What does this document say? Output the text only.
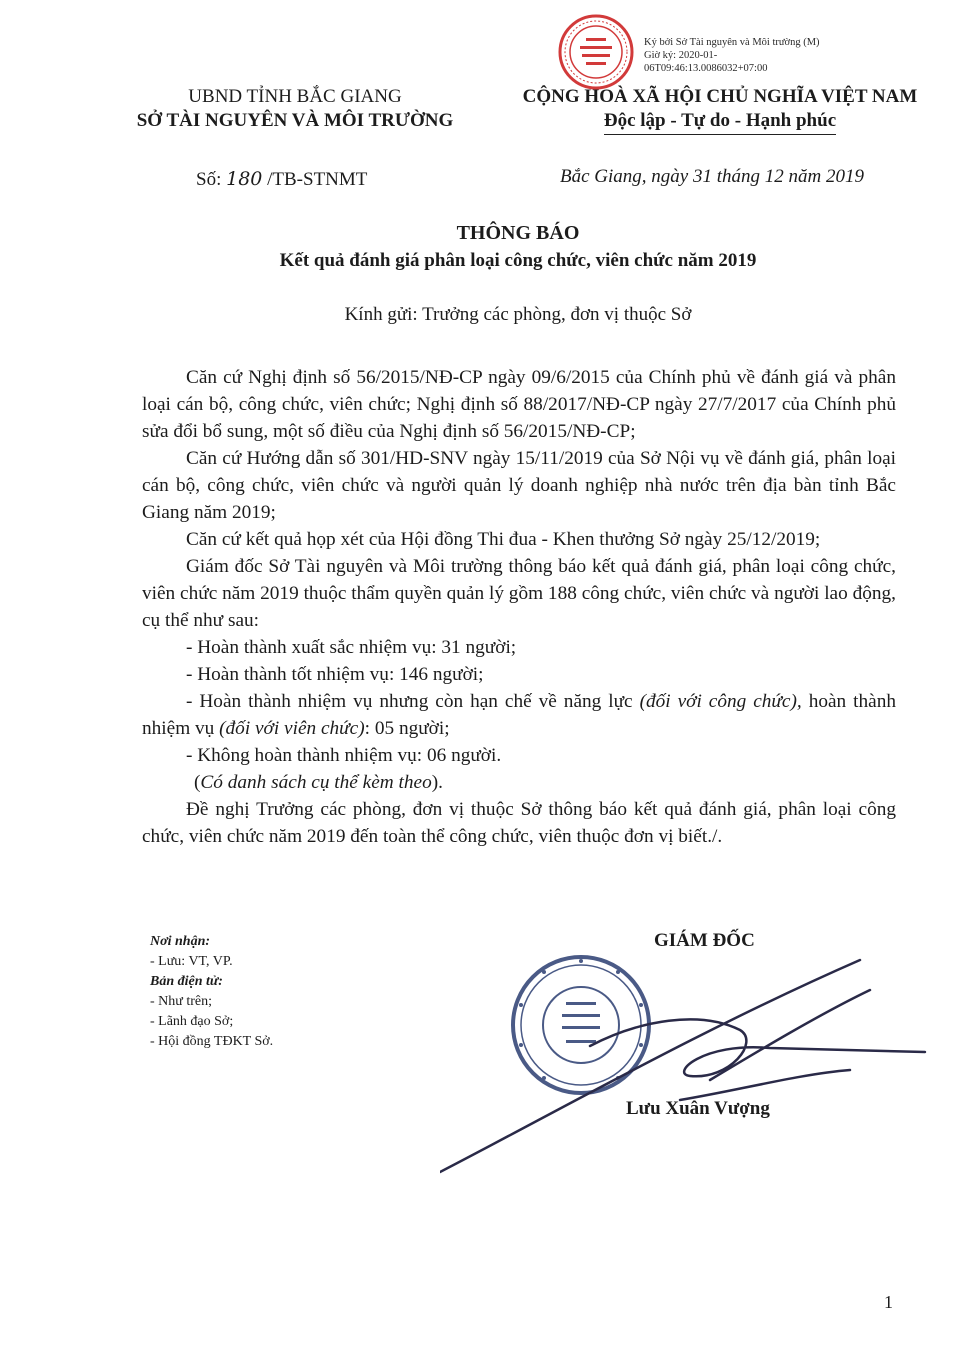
Ký bởi Sở Tài nguyên và Môi trường (M)
Giờ ký: 2020-01-
06T09:46:13.0086032+07:00
UBND TỈNH BẮC GIANG
SỞ TÀI NGUYÊN VÀ MÔI TRƯỜNG
CỘNG HOÀ XÃ HỘI CHỦ NGHĨA VIỆT NAM
Độc lập - Tự do - Hạnh phúc
Số: 180 /TB-STNMT	Bắc Giang, ngày 31 tháng 12 năm 2019
THÔNG BÁO
Kết quả đánh giá phân loại công chức, viên chức năm 2019
Kính gửi: Trưởng các phòng, đơn vị thuộc Sở

Căn cứ Nghị định số 56/2015/NĐ-CP ngày 09/6/2015 của Chính phủ về đánh giá và phân loại cán bộ, công chức, viên chức; Nghị định số 88/2017/NĐ-CP ngày 27/7/2017 của Chính phủ sửa đổi bổ sung, một số điều của Nghị định số 56/2015/NĐ-CP;

Căn cứ Hướng dẫn số 301/HD-SNV ngày 15/11/2019 của Sở Nội vụ về đánh giá, phân loại cán bộ, công chức, viên chức và người quản lý doanh nghiệp nhà nước trên địa bàn tỉnh Bắc Giang năm 2019;

Căn cứ kết quả họp xét của Hội đồng Thi đua - Khen thưởng Sở ngày 25/12/2019;

Giám đốc Sở Tài nguyên và Môi trường thông báo kết quả đánh giá, phân loại công chức, viên chức năm 2019 thuộc thẩm quyền quản lý gồm 188 công chức, viên chức và người lao động, cụ thể như sau:

- Hoàn thành xuất sắc nhiệm vụ: 31 người;

- Hoàn thành tốt nhiệm vụ: 146 người;

- Hoàn thành nhiệm vụ nhưng còn hạn chế về năng lực (đối với công chức), hoàn thành nhiệm vụ (đối với viên chức): 05 người;

- Không hoàn thành nhiệm vụ: 06 người.

(Có danh sách cụ thể kèm theo).

Đề nghị Trưởng các phòng, đơn vị thuộc Sở thông báo kết quả đánh giá, phân loại công chức, viên chức năm 2019 đến toàn thể công chức, viên thuộc đơn vị biết./.

Nơi nhận:
- Lưu: VT, VP.
Bản điện tử:
- Như trên;
- Lãnh đạo Sở;
- Hội đồng TĐKT Sở.
GIÁM ĐỐC
Lưu Xuân Vượng
1
